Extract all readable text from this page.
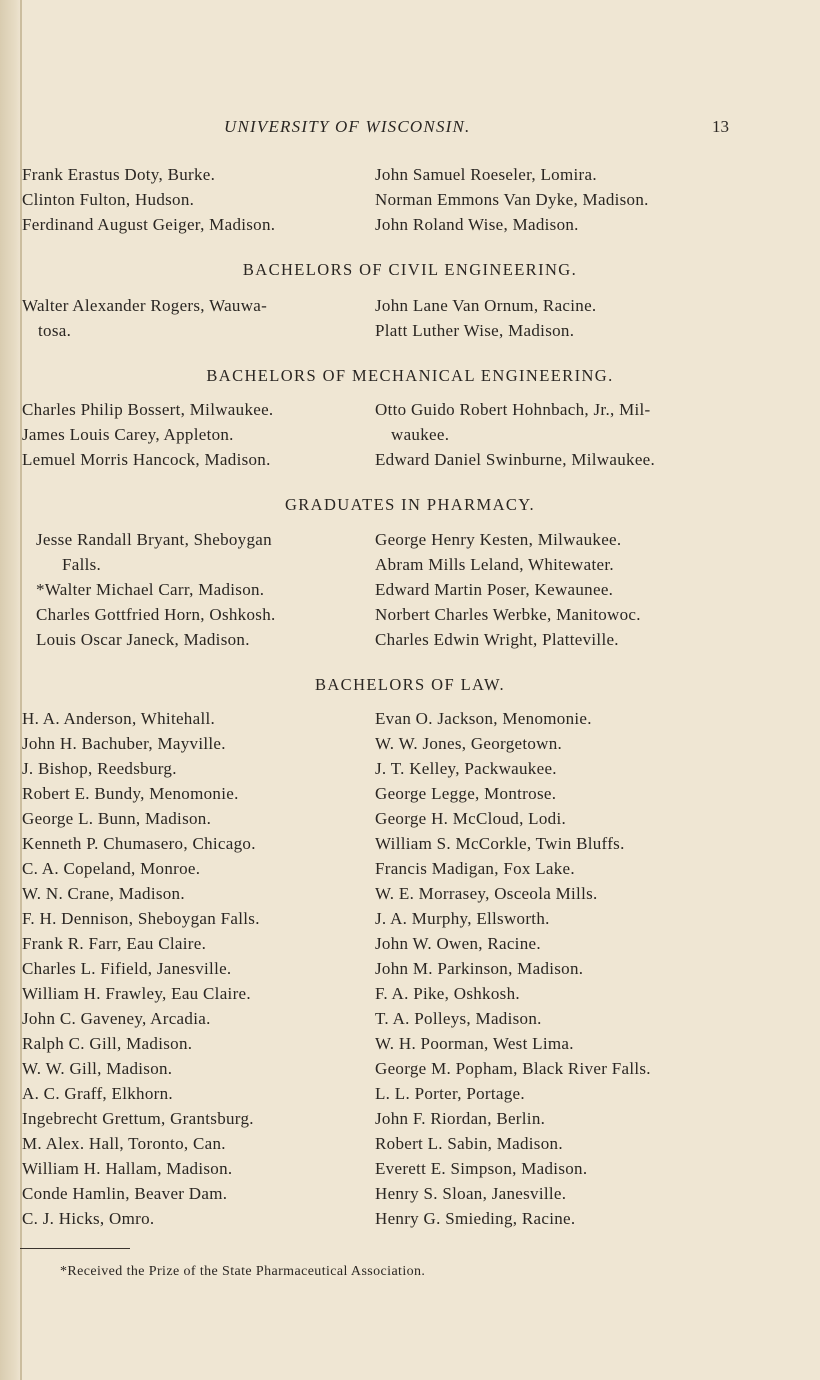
UNIVERSITY OF WISCONSIN.	13
Frank Erastus Doty, Burke.
Clinton Fulton, Hudson.
Ferdinand August Geiger, Madison.
John Samuel Roeseler, Lomira.
Norman Emmons Van Dyke, Madison.
John Roland Wise, Madison.
BACHELORS OF CIVIL ENGINEERING.
Walter Alexander Rogers, Wauwa-
tosa.
John Lane Van Ornum, Racine.
Platt Luther Wise, Madison.
BACHELORS OF MECHANICAL ENGINEERING.
Charles Philip Bossert, Milwaukee.
James Louis Carey, Appleton.
Lemuel Morris Hancock, Madison.
Otto Guido Robert Hohnbach, Jr., Mil-
waukee.
Edward Daniel Swinburne, Milwaukee.
GRADUATES IN PHARMACY.
Jesse Randall Bryant, Sheboygan
Falls.
*Walter Michael Carr, Madison.
Charles Gottfried Horn, Oshkosh.
Louis Oscar Janeck, Madison.
George Henry Kesten, Milwaukee.
Abram Mills Leland, Whitewater.
Edward Martin Poser, Kewaunee.
Norbert Charles Werbke, Manitowoc.
Charles Edwin Wright, Platteville.
BACHELORS OF LAW.
H. A. Anderson, Whitehall.
John H. Bachuber, Mayville.
J. Bishop, Reedsburg.
Robert E. Bundy, Menomonie.
George L. Bunn, Madison.
Kenneth P. Chumasero, Chicago.
C. A. Copeland, Monroe.
W. N. Crane, Madison.
F. H. Dennison, Sheboygan Falls.
Frank R. Farr, Eau Claire.
Charles L. Fifield, Janesville.
William H. Frawley, Eau Claire.
John C. Gaveney, Arcadia.
Ralph C. Gill, Madison.
W. W. Gill, Madison.
A. C. Graff, Elkhorn.
Ingebrecht Grettum, Grantsburg.
M. Alex. Hall, Toronto, Can.
William H. Hallam, Madison.
Conde Hamlin, Beaver Dam.
C. J. Hicks, Omro.
Evan O. Jackson, Menomonie.
W. W. Jones, Georgetown.
J. T. Kelley, Packwaukee.
George Legge, Montrose.
George H. McCloud, Lodi.
William S. McCorkle, Twin Bluffs.
Francis Madigan, Fox Lake.
W. E. Morrasey, Osceola Mills.
J. A. Murphy, Ellsworth.
John W. Owen, Racine.
John M. Parkinson, Madison.
F. A. Pike, Oshkosh.
T. A. Polleys, Madison.
W. H. Poorman, West Lima.
George M. Popham, Black River Falls.
L. L. Porter, Portage.
John F. Riordan, Berlin.
Robert L. Sabin, Madison.
Everett E. Simpson, Madison.
Henry S. Sloan, Janesville.
Henry G. Smieding, Racine.
*Received the Prize of the State Pharmaceutical Association.
